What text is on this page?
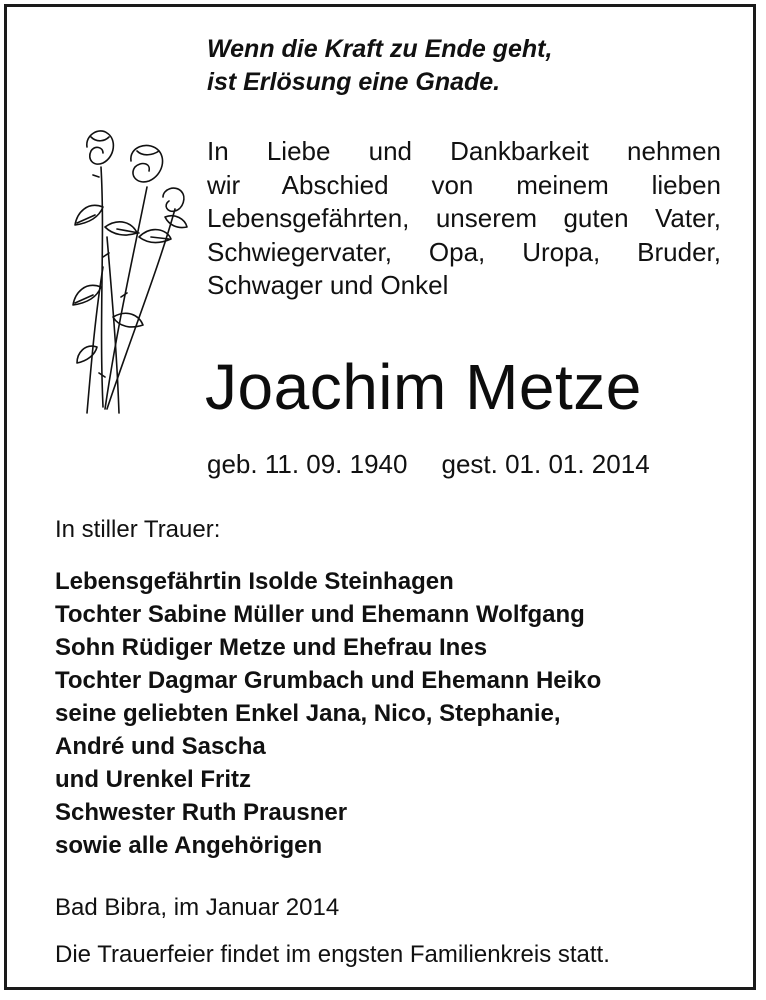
Wenn die Kraft zu Ende geht,
ist Erlösung eine Gnade.
In Liebe und Dankbarkeit nehmen
wir Abschied von meinem lieben
Lebensgefährten, unserem guten Vater,
Schwiegervater, Opa, Uropa, Bruder,
Schwager und Onkel
Joachim Metze
geb. 11. 09. 1940 gest. 01. 01. 2014
In stiller Trauer:
Lebensgefährtin Isolde Steinhagen
Tochter Sabine Müller und Ehemann Wolfgang
Sohn Rüdiger Metze und Ehefrau Ines
Tochter Dagmar Grumbach und Ehemann Heiko
seine geliebten Enkel Jana, Nico, Stephanie,
André und Sascha
und Urenkel Fritz
Schwester Ruth Prausner
sowie alle Angehörigen
Bad Bibra, im Januar 2014
Die Trauerfeier findet im engsten Familienkreis statt.
